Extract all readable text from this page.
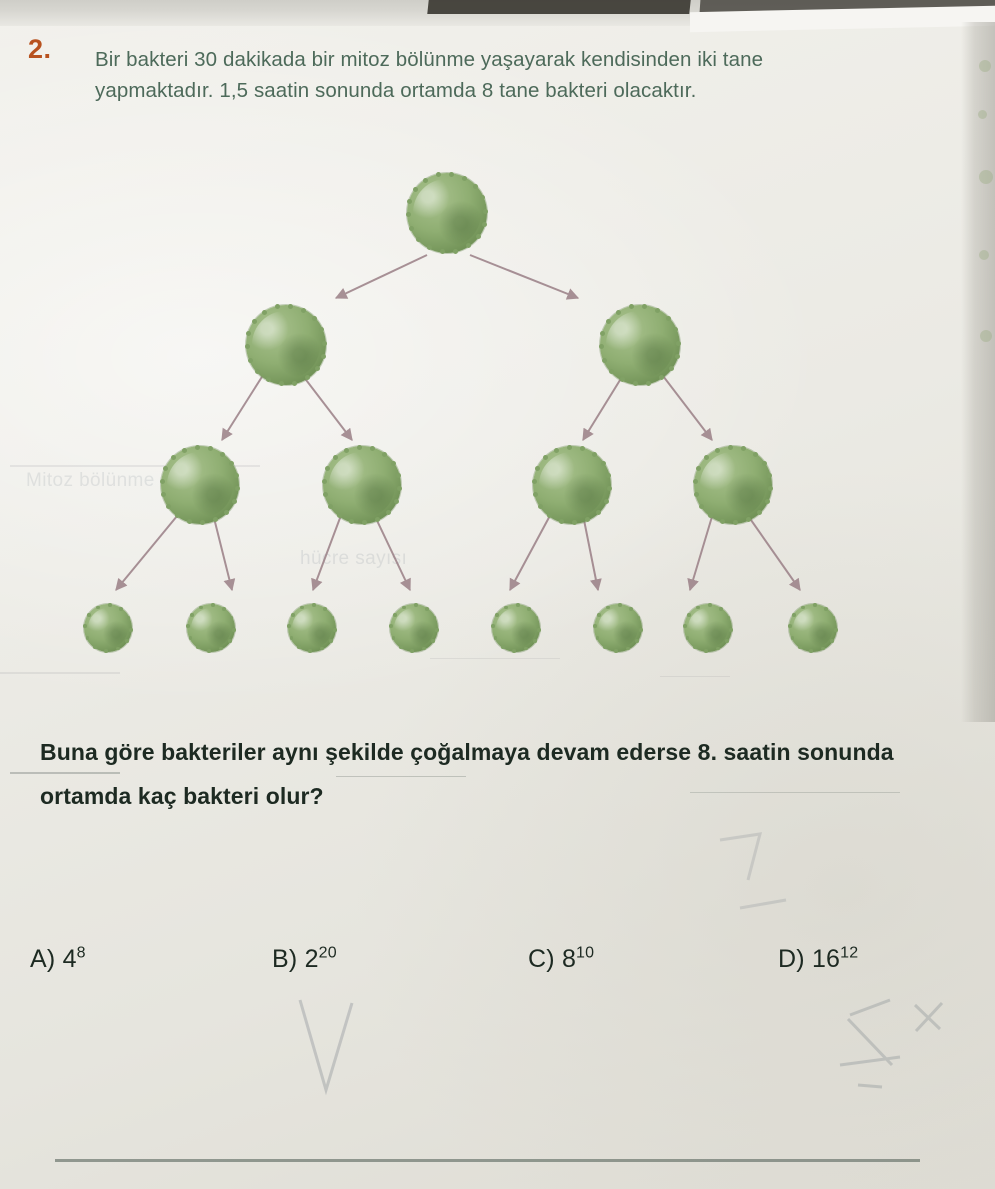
Mitoz bölünme
hücre sayısı
2. Bir bakteri 30 dakikada bir mitoz bölünme yaşayarak kendisinden iki tane yapmaktadır. 1,5 saatin sonunda ortamda 8 tane bakteri olacaktır.
Buna göre bakteriler aynı şekilde çoğalmaya devam ederse 8. saatin sonunda ortamda kaç bakteri olur?
A) $4^8$	B) $2^{20}$	C) $8^{10}$	D) $16^{12}$
